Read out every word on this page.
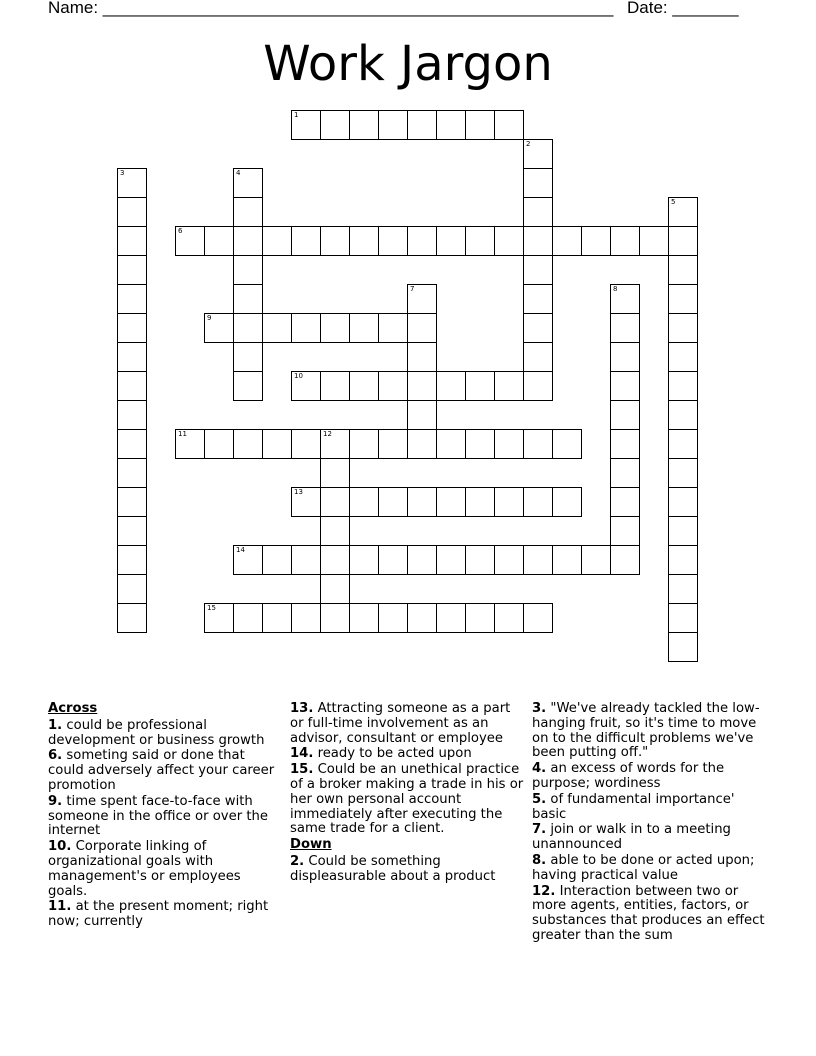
Name: ______________________________________________________ Date: _______
Work Jargon
1
2
3	4
5
6
7	8
9
10
11	12
13
14
15

Across

1. could be professional development or business growth

6. someting said or done that could adversely affect your career promotion

9. time spent face-to-face with someone in the office or over the internet

10. Corporate linking of organizational goals with management's or employees goals.

11. at the present moment; right now; currently

13. Attracting someone as a part or full-time involvement as an advisor, consultant or employee

14. ready to be acted upon

15. Could be an unethical practice of a broker making a trade in his or her own personal account immediately after executing the same trade for a client.

Down

2. Could be something displeasurable about a product

3. "We've already tackled the low-hanging fruit, so it's time to move on to the difficult problems we've been putting off."

4. an excess of words for the purpose; wordiness

5. of fundamental importance' basic

7. join or walk in to a meeting unannounced

8. able to be done or acted upon; having practical value

12. Interaction between two or more agents, entities, factors, or substances that produces an effect greater than the sum
